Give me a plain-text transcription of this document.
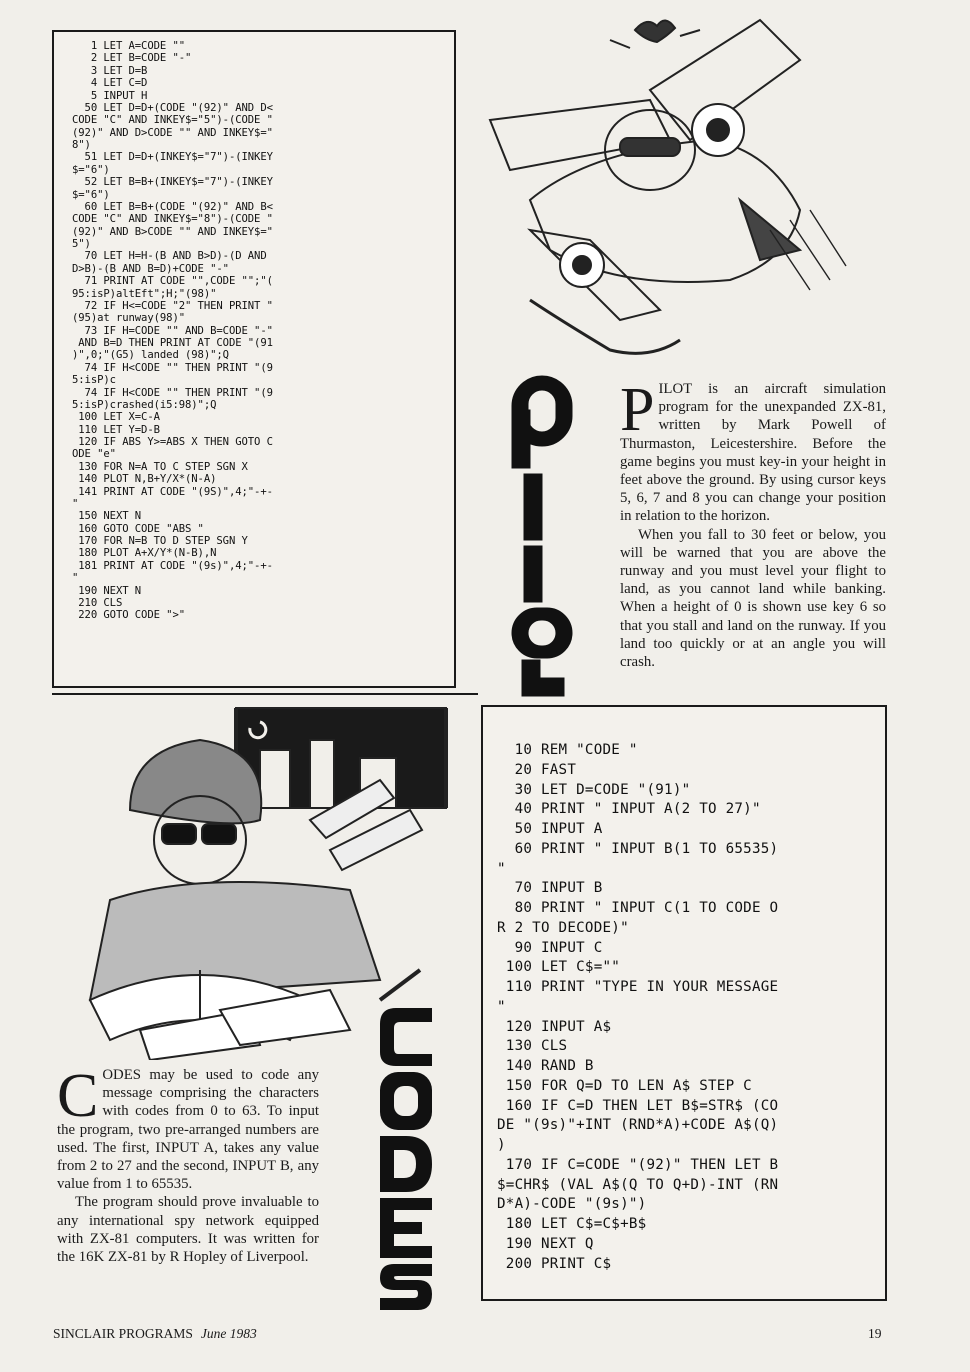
1 LET A=CODE ""
2 LET B=CODE "-"
3 LET D=B
4 LET C=D
5 INPUT H
50 LET D=D+(CODE "(92)" AND D<
CODE "C" AND INKEY$="5")-(CODE "
(92)" AND D>CODE "" AND INKEY$="
8")
51 LET D=D+(INKEY$="7")-(INKEY
$="6")
52 LET B=B+(INKEY$="7")-(INKEY
$="6")
60 LET B=B+(CODE "(92)" AND B<
CODE "C" AND INKEY$="8")-(CODE "
(92)" AND B>CODE "" AND INKEY$="
5")
70 LET H=H-(B AND B>D)-(D AND
D>B)-(B AND B=D)+CODE "-"
71 PRINT AT CODE "",CODE "";"(
95:isP)altEft";H;"(98)"
72 IF H<=CODE "2" THEN PRINT "
(95)at runway(98)"
73 IF H=CODE "" AND B=CODE "-"
AND B=D THEN PRINT AT CODE "(91
)",0;"(G5) landed (98)";Q
74 IF H<CODE "" THEN PRINT "(9
5:isP)c
74 IF H<CODE "" THEN PRINT "(9
5:isP)crashed(i5:98)";Q
100 LET X=C-A
110 LET Y=D-B
120 IF ABS Y>=ABS X THEN GOTO C
ODE "e"
130 FOR N=A TO C STEP SGN X
140 PLOT N,B+Y/X*(N-A)
141 PRINT AT CODE "(9S)",4;"-+-
"
150 NEXT N
160 GOTO CODE "ABS "
170 FOR N=B TO D STEP SGN Y
180 PLOT A+X/Y*(N-B),N
181 PRINT AT CODE "(9s)",4;"-+-
"
190 NEXT N
210 CLS
220 GOTO CODE ">"

PILOT is an aircraft simulation program for the unexpanded ZX-81, written by Mark Powell of Thurmaston, Leicestershire. Before the game begins you must key-in your height in feet above the ground. By using cursor keys 5, 6, 7 and 8 you can change your position in relation to the horizon.

When you fall to 30 feet or below, you will be warned that you are above the runway and you must level your flight to land, as you cannot land while banking. When a height of 0 is shown use key 6 so that you stall and land on the runway. If you land too quickly or at an angle you will crash.

CODES may be used to code any message comprising the characters with codes from 0 to 63. To input the program, two pre-arranged numbers are used. The first, INPUT A, takes any value from 2 to 27 and the second, INPUT B, any value from 1 to 65535.

The program should prove invaluable to any international spy network equipped with ZX-81 computers. It was written for the 16K ZX-81 by R Hopley of Liverpool.

10 REM "CODE "
20 FAST
30 LET D=CODE "(91)"
40 PRINT " INPUT A(2 TO 27)"
50 INPUT A
60 PRINT " INPUT B(1 TO 65535)
"
70 INPUT B
80 PRINT " INPUT C(1 TO CODE O
R 2 TO DECODE)"
90 INPUT C
100 LET C$=""
110 PRINT "TYPE IN YOUR MESSAGE
"
120 INPUT A$
130 CLS
140 RAND B
150 FOR Q=D TO LEN A$ STEP C
160 IF C=D THEN LET B$=STR$ (CO
DE "(9s)"+INT (RND*A)+CODE A$(Q)
)
170 IF C=CODE "(92)" THEN LET B
$=CHR$ (VAL A$(Q TO Q+D)-INT (RN
D*A)-CODE "(9s)")
180 LET C$=C$+B$
190 NEXT Q
200 PRINT C$
SINCLAIR PROGRAMS June 1983	19
